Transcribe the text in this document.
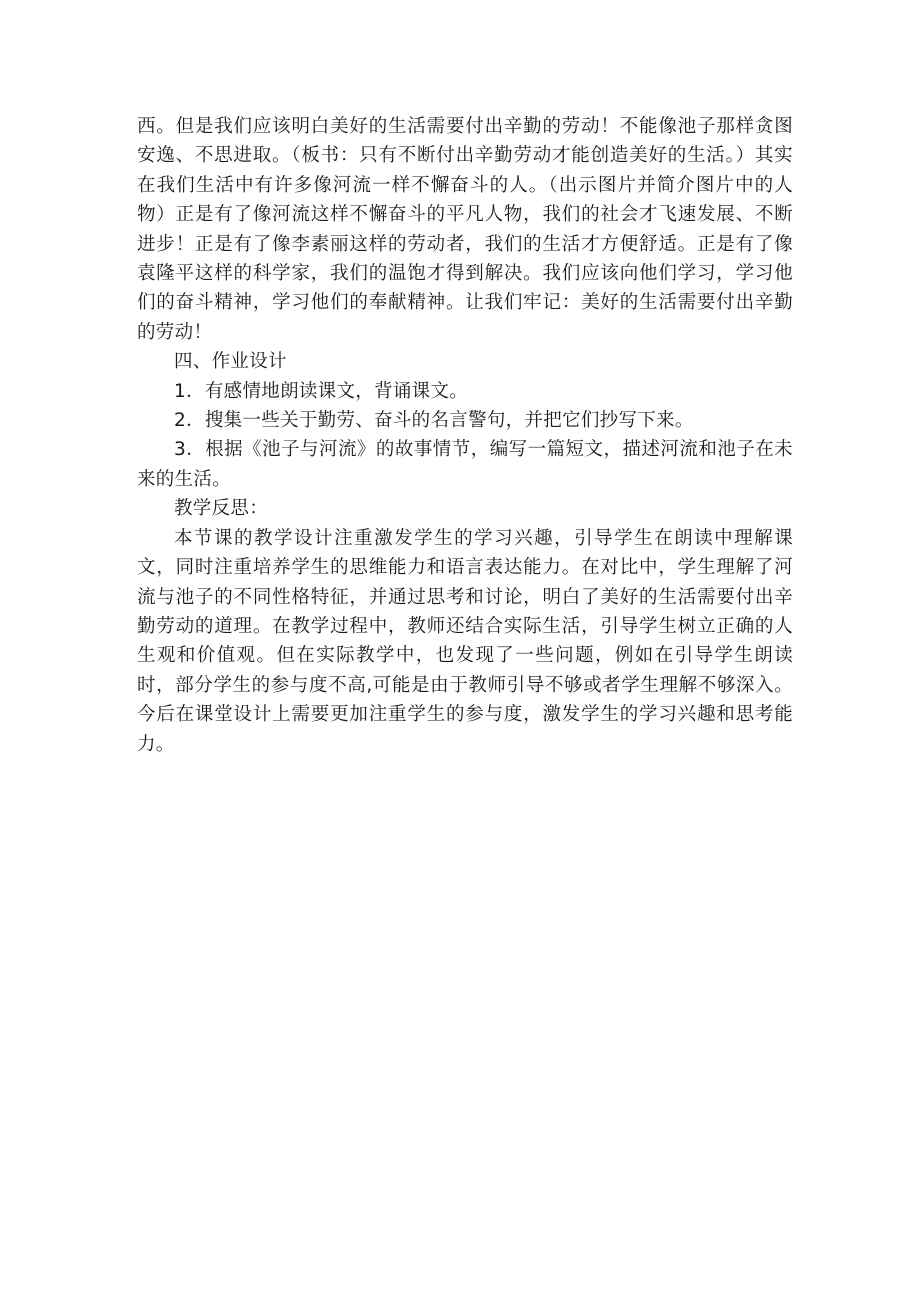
西。但是我们应该明白美好的生活需要付出辛勤的劳动！不能像池子那样贪图安逸、不思进取。（板书：只有不断付出辛勤劳动才能创造美好的生活。）其实在我们生活中有许多像河流一样不懈奋斗的人。（出示图片并简介图片中的人物）正是有了像河流这样不懈奋斗的平凡人物，我们的社会才飞速发展、不断进步！正是有了像李素丽这样的劳动者，我们的生活才方便舒适。正是有了像袁隆平这样的科学家，我们的温饱才得到解决。我们应该向他们学习，学习他们的奋斗精神，学习他们的奉献精神。让我们牢记：美好的生活需要付出辛勤的劳动！

四、作业设计

1．有感情地朗读课文，背诵课文。

2．搜集一些关于勤劳、奋斗的名言警句，并把它们抄写下来。

3．根据《池子与河流》的故事情节，编写一篇短文，描述河流和池子在未来的生活。

教学反思：

本节课的教学设计注重激发学生的学习兴趣，引导学生在朗读中理解课文，同时注重培养学生的思维能力和语言表达能力。在对比中，学生理解了河流与池子的不同性格特征，并通过思考和讨论，明白了美好的生活需要付出辛勤劳动的道理。在教学过程中，教师还结合实际生活，引导学生树立正确的人生观和价值观。但在实际教学中，也发现了一些问题，例如在引导学生朗读时，部分学生的参与度不高,可能是由于教师引导不够或者学生理解不够深入。今后在课堂设计上需要更加注重学生的参与度，激发学生的学习兴趣和思考能力。
